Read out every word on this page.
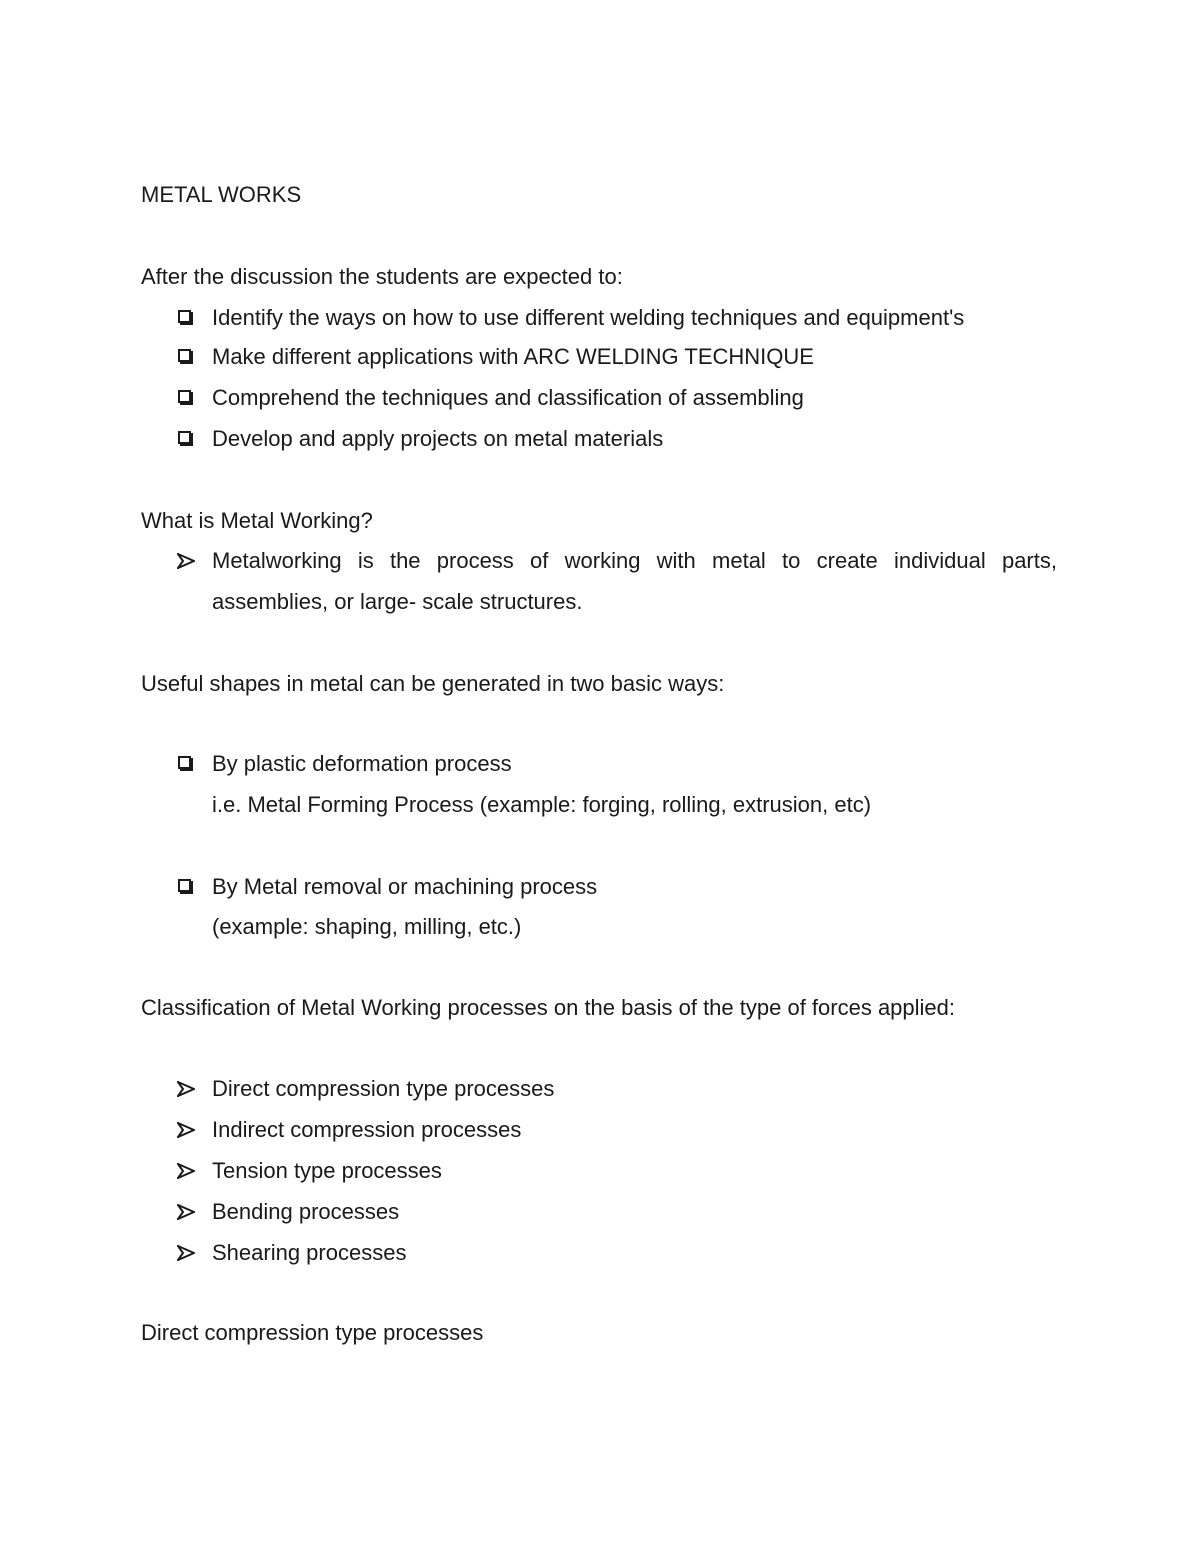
METAL WORKS
After the discussion the students are expected to:
Identify the ways on how to use different welding techniques and equipment's
Make different applications with ARC WELDING TECHNIQUE
Comprehend the techniques and classification of assembling
Develop and apply projects on metal materials
What is Metal Working?
Metalworking is the process of working with metal to create individual parts,
assemblies, or large- scale structures.
Useful shapes in metal can be generated in two basic ways:
By plastic deformation process
i.e. Metal Forming Process (example: forging, rolling, extrusion, etc)
By Metal removal or machining process
(example: shaping, milling, etc.)
Classification of Metal Working processes on the basis of the type of forces applied:
Direct compression type processes
Indirect compression processes
Tension type processes
Bending processes
Shearing processes
Direct compression type processes
